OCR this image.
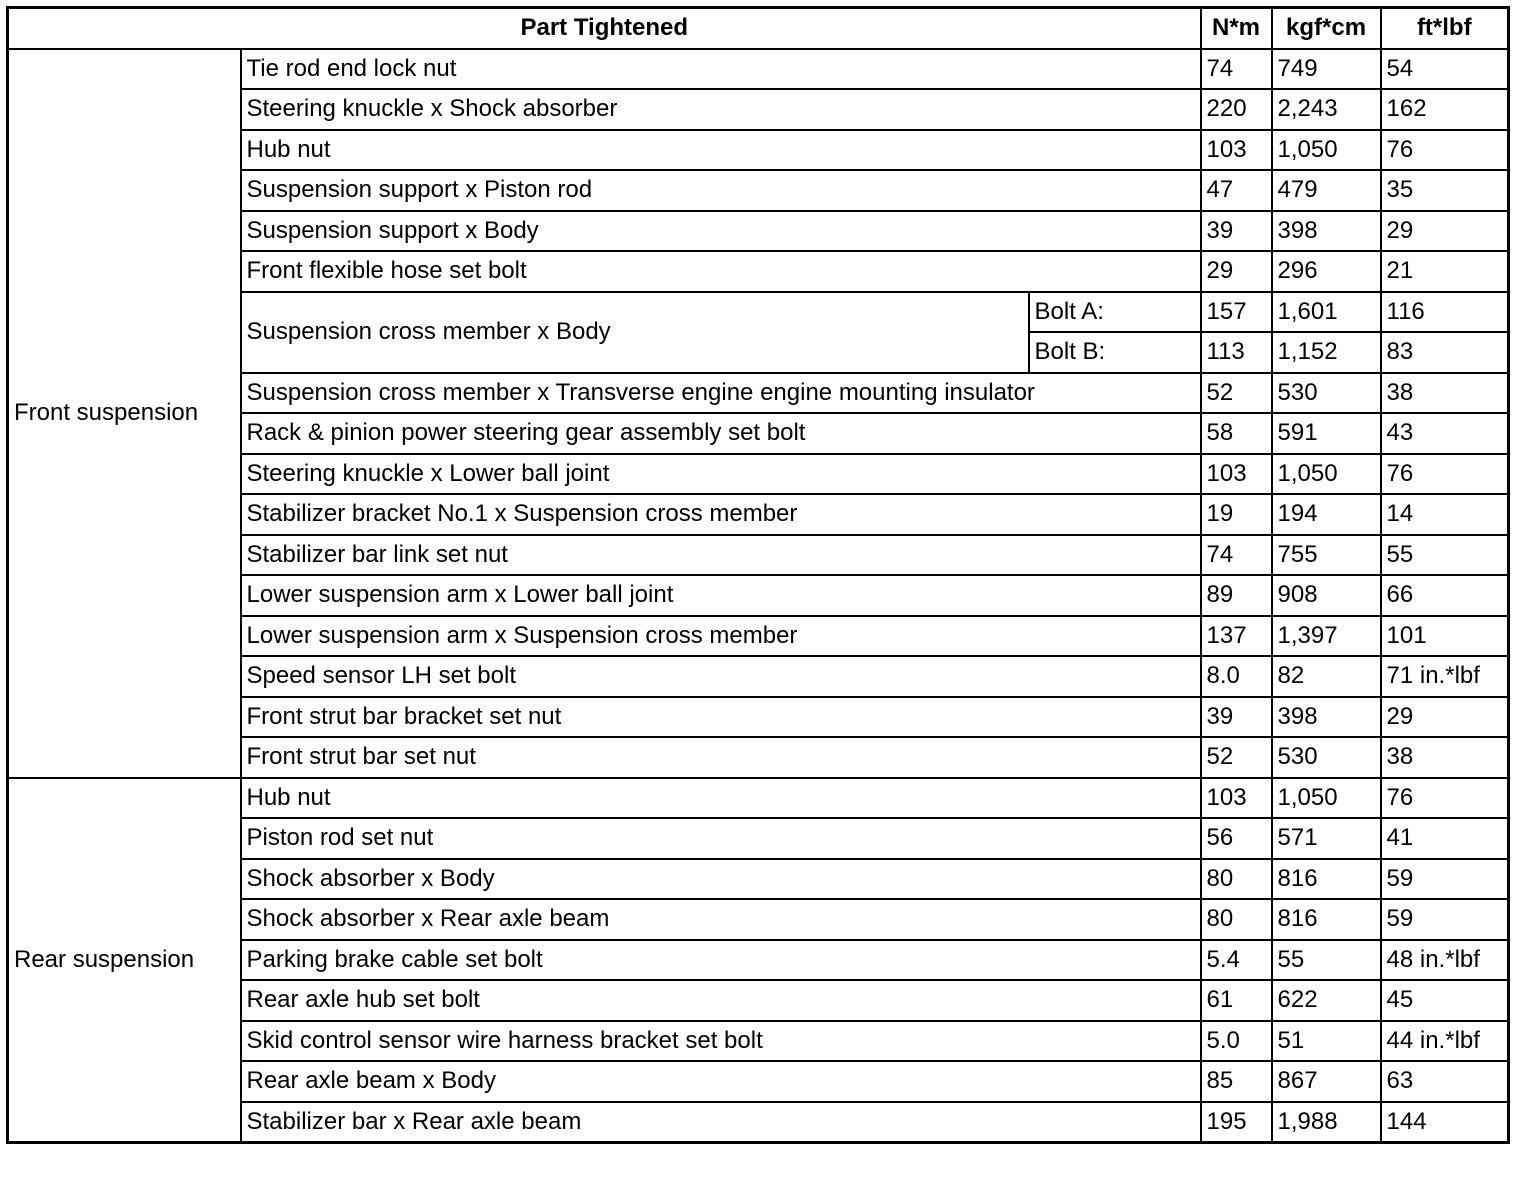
Part Tightened			N*m	kgf*cm	ft*lbf
Front suspension	Tie rod end lock nut		74	749	54
	Steering knuckle x Shock absorber		220	2,243	162
	Hub nut		103	1,050	76
	Suspension support x Piston rod		47	479	35
	Suspension support x Body		39	398	29
	Front flexible hose set bolt		29	296	21
	Suspension cross member x Body	Bolt A:	157	1,601	116
		Bolt B:	113	1,152	83
	Suspension cross member x Transverse engine engine mounting insulator		52	530	38
	Rack & pinion power steering gear assembly set bolt		58	591	43
	Steering knuckle x Lower ball joint		103	1,050	76
	Stabilizer bracket No.1 x Suspension cross member		19	194	14
	Stabilizer bar link set nut		74	755	55
	Lower suspension arm x Lower ball joint		89	908	66
	Lower suspension arm x Suspension cross member		137	1,397	101
	Speed sensor LH set bolt		8.0	82	71 in.*lbf
	Front strut bar bracket set nut		39	398	29
	Front strut bar set nut		52	530	38
Rear suspension	Hub nut		103	1,050	76
	Piston rod set nut		56	571	41
	Shock absorber x Body		80	816	59
	Shock absorber x Rear axle beam		80	816	59
	Parking brake cable set bolt		5.4	55	48 in.*lbf
	Rear axle hub set bolt		61	622	45
	Skid control sensor wire harness bracket set bolt		5.0	51	44 in.*lbf
	Rear axle beam x Body		85	867	63
	Stabilizer bar x Rear axle beam		195	1,988	144
